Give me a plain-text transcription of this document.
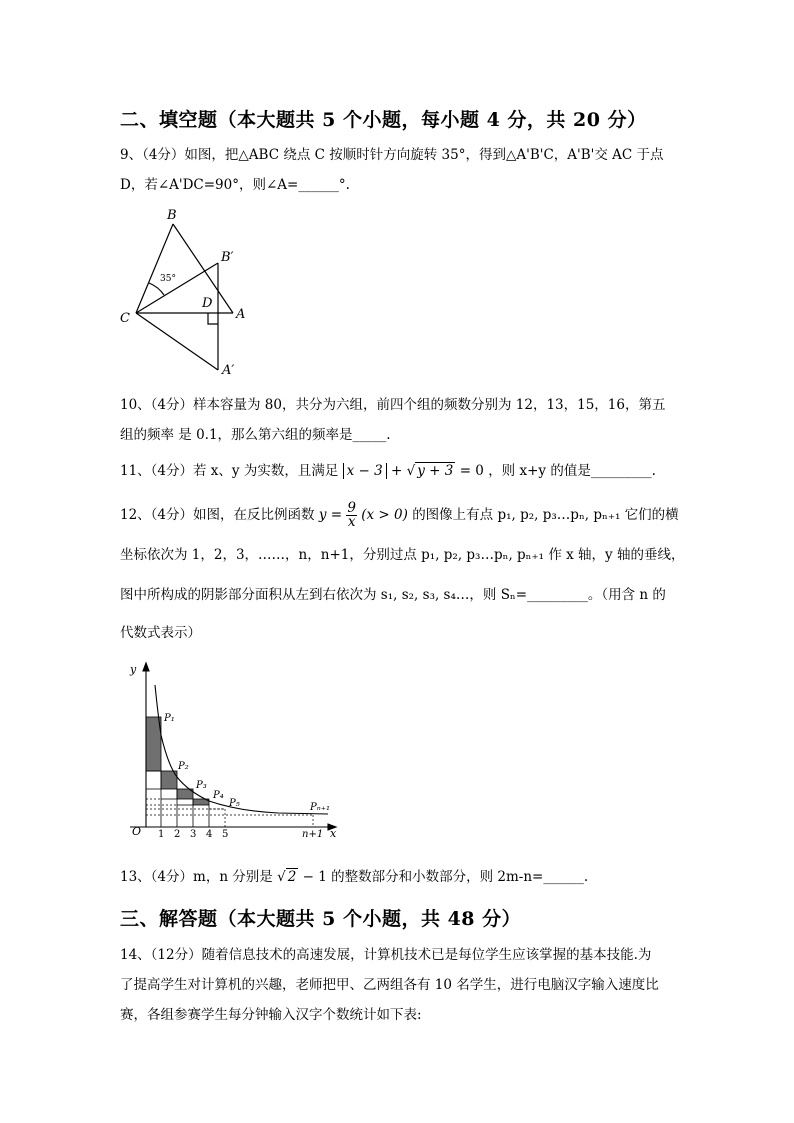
二、填空题（本大题共 5 个小题，每小题 4 分，共 20 分）
9、（4分）如图，把△ABC 绕点 C 按顺时针方向旋转 35°，得到△A'B'C，A'B'交 AC 于点
D，若∠A'DC=90°，则∠A=______°.
B
B′
C
D
A
A′
35°
10、（4分）样本容量为 80，共分为六组，前四个组的频数分别为 12，13，15，16，第五
组的频率 是 0.1，那么第六组的频率是_____.
11、（4分）若 x、y 为实数，且满足 x − 3 + √ y + 3 = 0 ，则 x+y 的值是_________.
12、（4分）如图，在反比例函数 $y = \frac{9}{x} (x > 0)$ 的图像上有点 p₁, p₂, p₃…pₙ, pₙ₊₁ 它们的横
坐标依次为 1，2，3，……，n，n+1，分别过点 p₁, p₂, p₃…pₙ, pₙ₊₁ 作 x 轴，y 轴的垂线，
图中所构成的阴影部分面积从左到右依次为 s₁, s₂, s₃, s₄…，则 Sₙ=_________。（用含 n 的
代数式表示）
y
x
O
P₁
P₂
P₃
P₄
P₅	Pₙ₊₁
1 2 3 4 5	n+1
13、（4分）m，n 分别是 √ 2 − 1 的整数部分和小数部分，则 2m-n=______.
三、解答题（本大题共 5 个小题，共 48 分）
14、（12分）随着信息技术的高速发展，计算机技术已是每位学生应该掌握的基本技能.为
了提高学生对计算机的兴趣，老师把甲、乙两组各有 10 名学生，进行电脑汉字输入速度比
赛，各组参赛学生每分钟输入汉字个数统计如下表:
